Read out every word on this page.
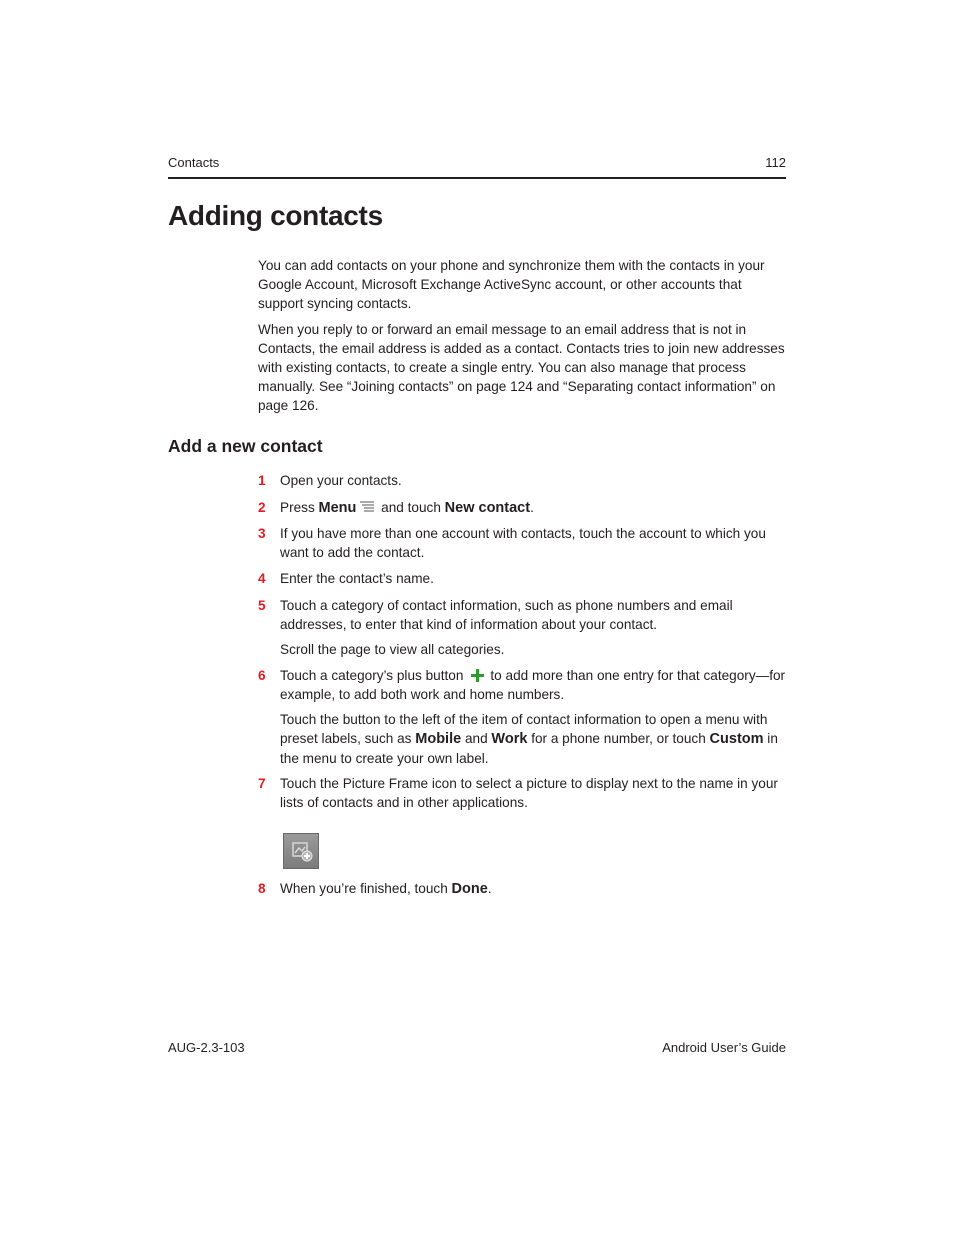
Contacts	112
Adding contacts

You can add contacts on your phone and synchronize them with the contacts in your Google Account, Microsoft Exchange ActiveSync account, or other accounts that support syncing contacts.

When you reply to or forward an email message to an email address that is not in Contacts, the email address is added as a contact. Contacts tries to join new addresses with existing contacts, to create a single entry. You can also manage that process manually. See “Joining contacts” on page 124 and “Separating contact information” on page 126.

Add a new contact
1 Open your contacts.
2 Press Menu and touch New contact.
3 If you have more than one account with contacts, touch the account to which you want to add the contact.
4 Enter the contact’s name.
5 Touch a category of contact information, such as phone numbers and email addresses, to enter that kind of information about your contact.
Scroll the page to view all categories.
6 Touch a category’s plus button to add more than one entry for that category—for example, to add both work and home numbers.
Touch the button to the left of the item of contact information to open a menu with preset labels, such as Mobile and Work for a phone number, or touch Custom in the menu to create your own label.
7 Touch the Picture Frame icon to select a picture to display next to the name in your lists of contacts and in other applications.
8 When you’re finished, touch Done.
AUG-2.3-103	Android User’s Guide
